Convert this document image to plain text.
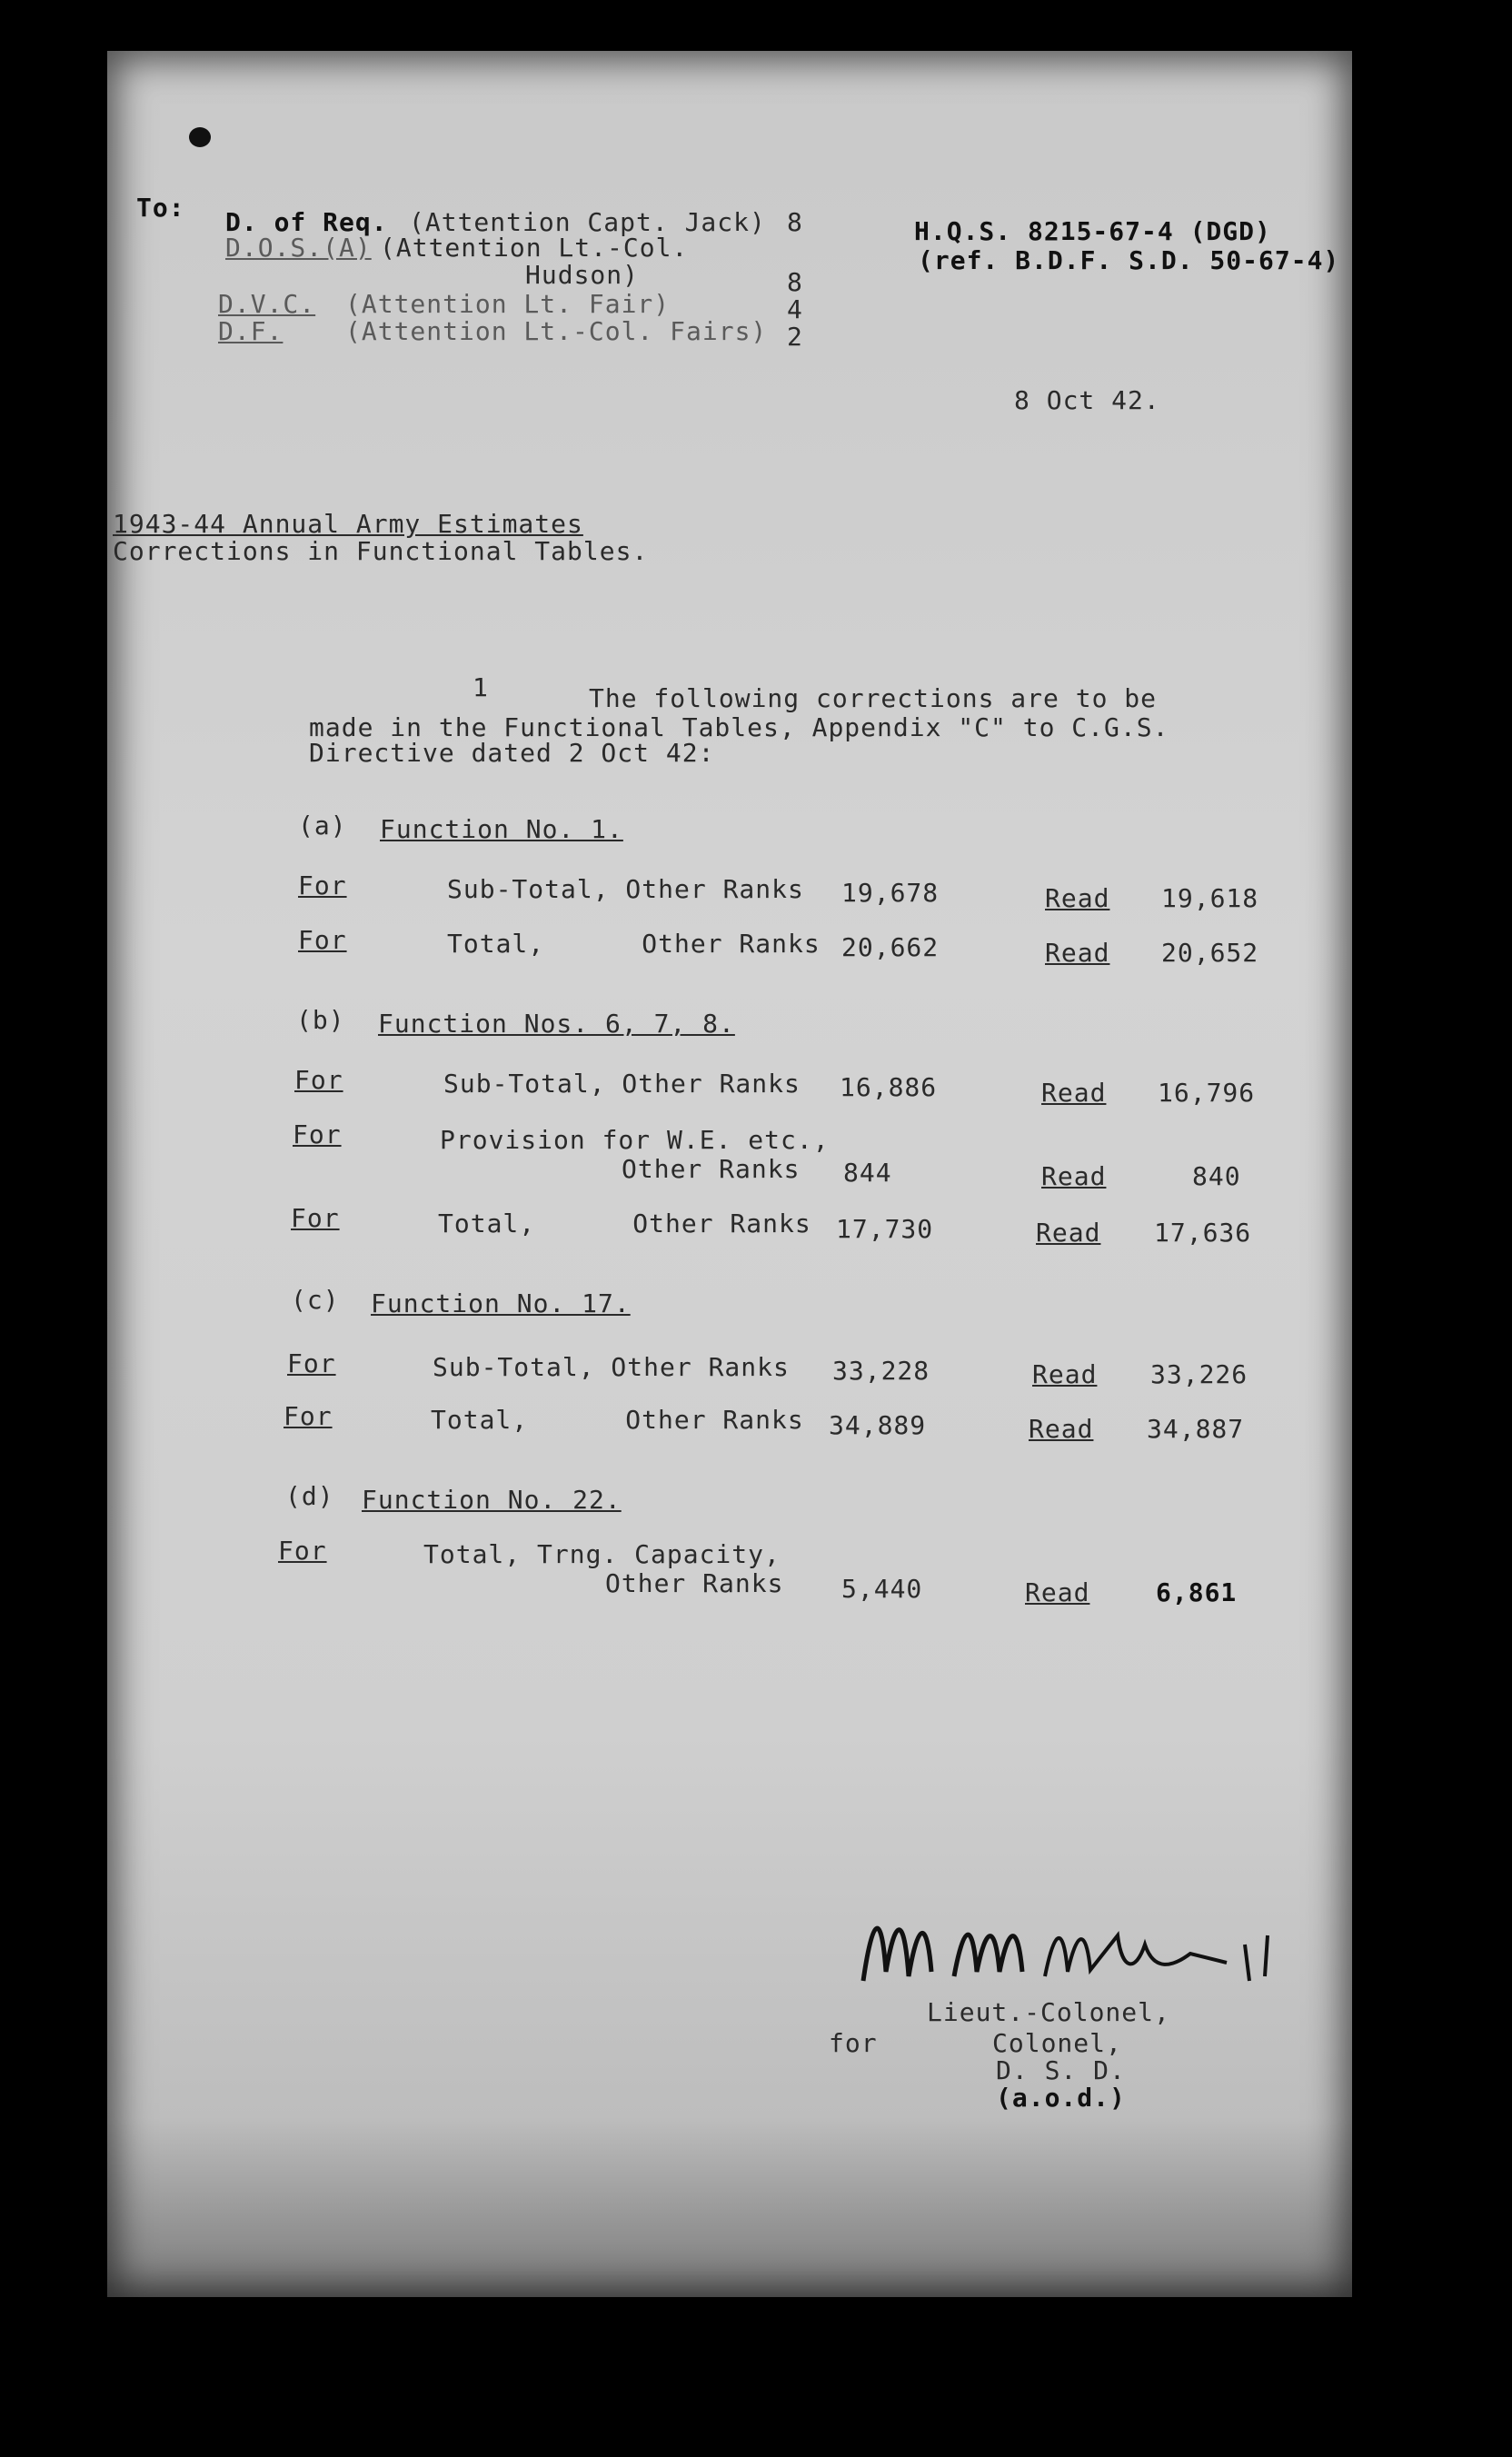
To: D. of Req. (Attention Capt. Jack) 8
D.O.S.(A) (Attention Lt.-Col.
Hudson)	8
D.V.C. (Attention Lt. Fair)	4
D.F. (Attention Lt.-Col. Fairs) 2
H.Q.S. 8215-67-4 (DGD)
(ref. B.D.F. S.D. 50-67-4)
8 Oct 42.
1943-44 Annual Army Estimates
Corrections in Functional Tables.
1	The following corrections are to be
made in the Functional Tables, Appendix "C" to C.G.S.
Directive dated 2 Oct 42:
(a) Function No. 1.
For	Sub-Total, Other Ranks 19,678	Read 19,618
For	Total,      Other Ranks 20,662	Read 20,652
(b) Function Nos. 6, 7, 8.
For	Sub-Total, Other Ranks 16,886	Read 16,796
For	Provision for W.E. etc.,
Other Ranks 844	Read	840
For	Total,      Other Ranks 17,730	Read 17,636
(c) Function No. 17.
For	Sub-Total, Other Ranks 33,228	Read 33,226
For	Total,      Other Ranks 34,889	Read 34,887
(d) Function No. 22.
For	Total, Trng. Capacity,
Other Ranks 5,440	Read	6,861
Lieut.-Colonel,
for	Colonel,
D. S. D.
(a.o.d.)
